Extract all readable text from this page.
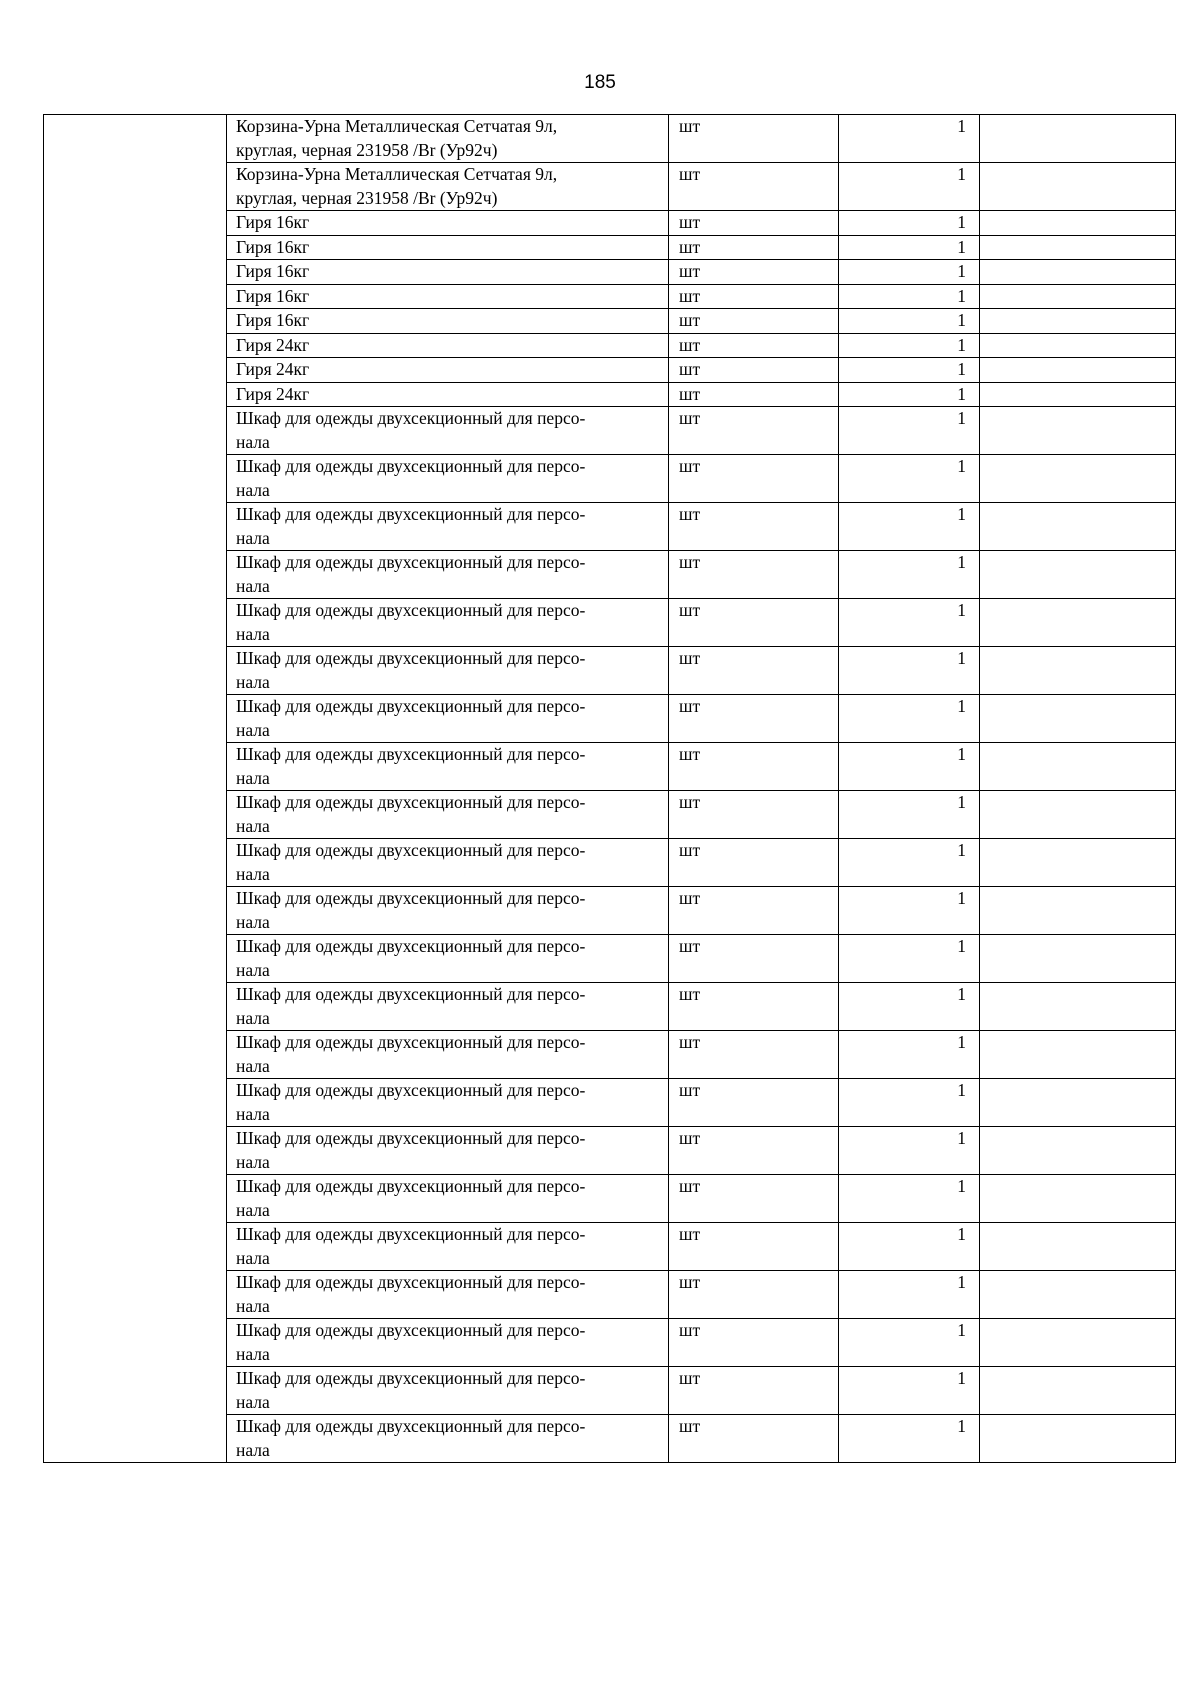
185

	Корзина-Урна Металлическая Сетчатая 9л,
круглая, черная 231958 /Br (Ур92ч)	шт	1	

	Корзина-Урна Металлическая Сетчатая 9л,
круглая, черная 231958 /Br (Ур92ч)	шт	1	

	Гиря 16кг	шт	1	

	Гиря 16кг	шт	1	

	Гиря 16кг	шт	1	

	Гиря 16кг	шт	1	

	Гиря 16кг	шт	1	

	Гиря 24кг	шт	1	

	Гиря 24кг	шт	1	

	Гиря 24кг	шт	1	

	Шкаф для одежды двухсекционный для персо-
нала	шт	1	

	Шкаф для одежды двухсекционный для персо-
нала	шт	1	

	Шкаф для одежды двухсекционный для персо-
нала	шт	1	

	Шкаф для одежды двухсекционный для персо-
нала	шт	1	

	Шкаф для одежды двухсекционный для персо-
нала	шт	1	

	Шкаф для одежды двухсекционный для персо-
нала	шт	1	

	Шкаф для одежды двухсекционный для персо-
нала	шт	1	

	Шкаф для одежды двухсекционный для персо-
нала	шт	1	

	Шкаф для одежды двухсекционный для персо-
нала	шт	1	

	Шкаф для одежды двухсекционный для персо-
нала	шт	1	

	Шкаф для одежды двухсекционный для персо-
нала	шт	1	

	Шкаф для одежды двухсекционный для персо-
нала	шт	1	

	Шкаф для одежды двухсекционный для персо-
нала	шт	1	

	Шкаф для одежды двухсекционный для персо-
нала	шт	1	

	Шкаф для одежды двухсекционный для персо-
нала	шт	1	

	Шкаф для одежды двухсекционный для персо-
нала	шт	1	

	Шкаф для одежды двухсекционный для персо-
нала	шт	1	

	Шкаф для одежды двухсекционный для персо-
нала	шт	1	

	Шкаф для одежды двухсекционный для персо-
нала	шт	1	

	Шкаф для одежды двухсекционный для персо-
нала	шт	1	

	Шкаф для одежды двухсекционный для персо-
нала	шт	1	

	Шкаф для одежды двухсекционный для персо-
нала	шт	1	
